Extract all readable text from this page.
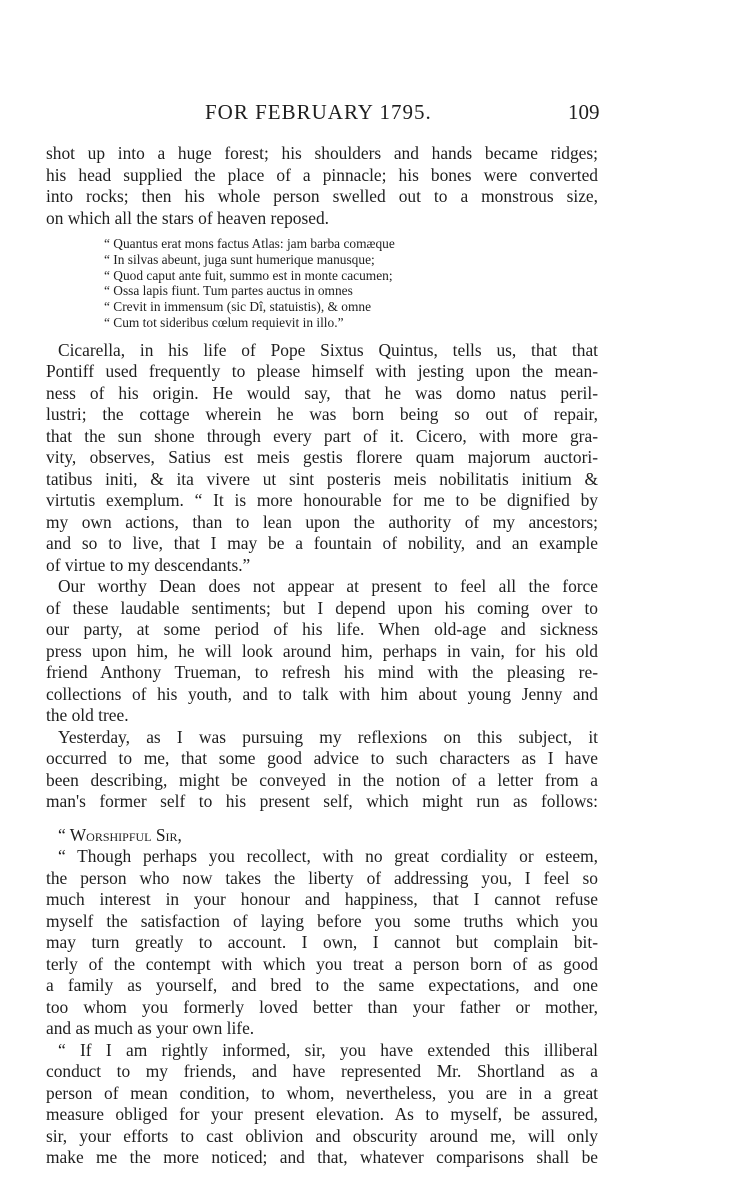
FOR FEBRUARY 1795.	109
shot up into a huge forest; his shoulders and hands became ridges;
his head supplied the place of a pinnacle; his bones were converted
into rocks; then his whole person swelled out to a monstrous size,
on which all the stars of heaven reposed.
“ Quantus erat mons factus Atlas: jam barba comæque
“ In silvas abeunt, juga sunt humerique manusque;
“ Quod caput ante fuit, summo est in monte cacumen;
“ Ossa lapis fiunt. Tum partes auctus in omnes
“ Crevit in immensum (sic Dî, statuistis), & omne
“ Cum tot sideribus cœlum requievit in illo.”
Cicarella, in his life of Pope Sixtus Quintus, tells us, that that
Pontiff used frequently to please himself with jesting upon the mean-
ness of his origin. He would say, that he was domo natus peril-
lustri; the cottage wherein he was born being so out of repair,
that the sun shone through every part of it. Cicero, with more gra-
vity, observes, Satius est meis gestis florere quam majorum auctori-
tatibus initi, & ita vivere ut sint posteris meis nobilitatis initium &
virtutis exemplum. “ It is more honourable for me to be dignified by
my own actions, than to lean upon the authority of my ancestors;
and so to live, that I may be a fountain of nobility, and an example
of virtue to my descendants.”
Our worthy Dean does not appear at present to feel all the force
of these laudable sentiments; but I depend upon his coming over to
our party, at some period of his life. When old-age and sickness
press upon him, he will look around him, perhaps in vain, for his old
friend Anthony Trueman, to refresh his mind with the pleasing re-
collections of his youth, and to talk with him about young Jenny and
the old tree.
Yesterday, as I was pursuing my reflexions on this subject, it
occurred to me, that some good advice to such characters as I have
been describing, might be conveyed in the notion of a letter from a
man's former self to his present self, which might run as follows:
“ Worshipful Sir,
“ Though perhaps you recollect, with no great cordiality or esteem,
the person who now takes the liberty of addressing you, I feel so
much interest in your honour and happiness, that I cannot refuse
myself the satisfaction of laying before you some truths which you
may turn greatly to account. I own, I cannot but complain bit-
terly of the contempt with which you treat a person born of as good
a family as yourself, and bred to the same expectations, and one
too whom you formerly loved better than your father or mother,
and as much as your own life.
“ If I am rightly informed, sir, you have extended this illiberal
conduct to my friends, and have represented Mr. Shortland as a
person of mean condition, to whom, nevertheless, you are in a great
measure obliged for your present elevation. As to myself, be assured,
sir, your efforts to cast oblivion and obscurity around me, will only
make me the more noticed; and that, whatever comparisons shall be
